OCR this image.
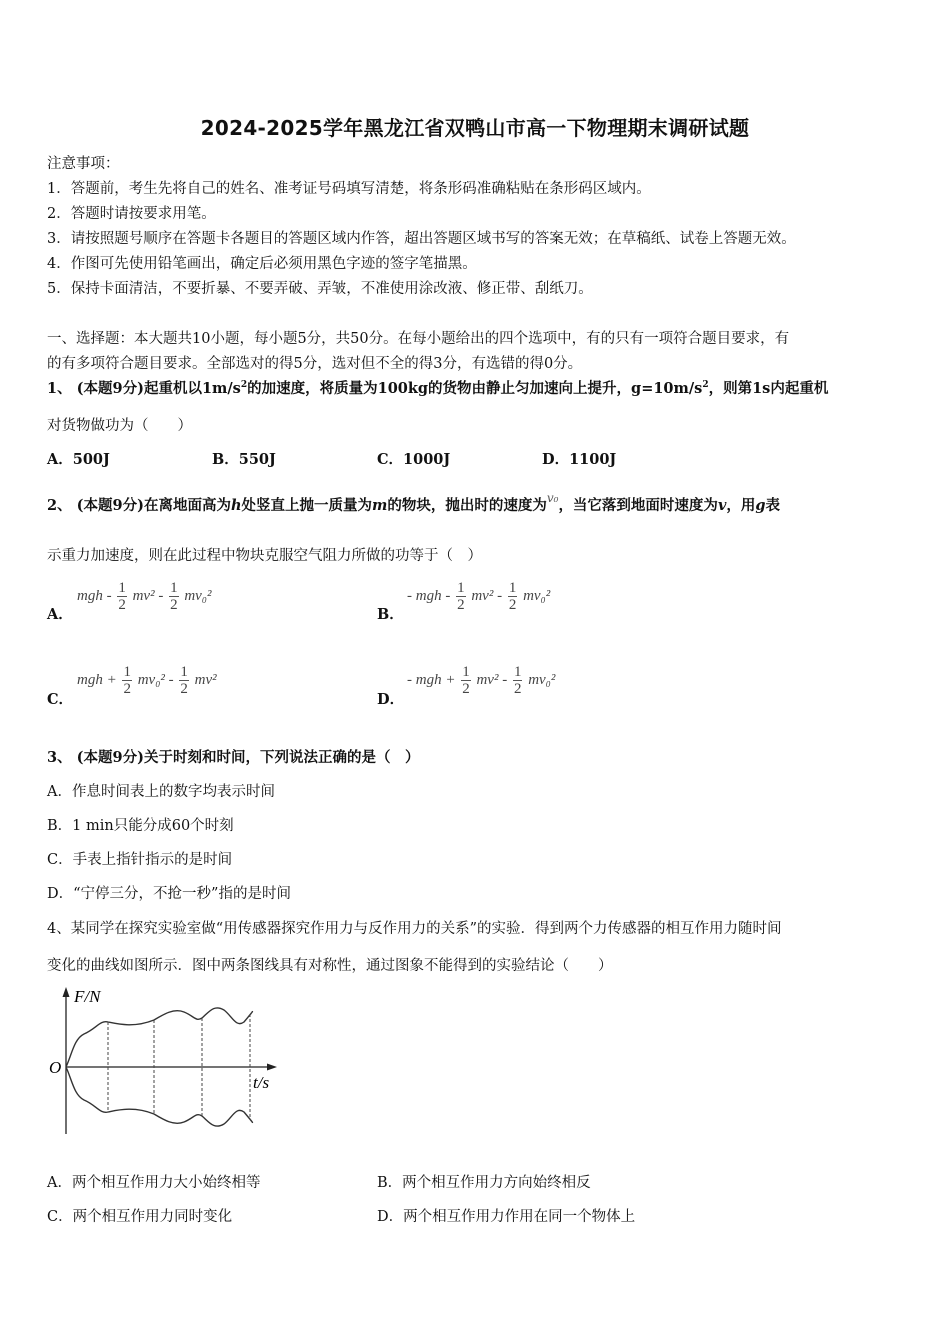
2024-2025学年黑龙江省双鸭山市高一下物理期末调研试题
注意事项：
1．答题前，考生先将自己的姓名、准考证号码填写清楚，将条形码准确粘贴在条形码区域内。
2．答题时请按要求用笔。
3．请按照题号顺序在答题卡各题目的答题区域内作答，超出答题区域书写的答案无效；在草稿纸、试卷上答题无效。
4．作图可先使用铅笔画出，确定后必须用黑色字迹的签字笔描黑。
5．保持卡面清洁，不要折暴、不要弄破、弄皱，不准使用涂改液、修正带、刮纸刀。
一、选择题：本大题共10小题，每小题5分，共50分。在每小题给出的四个选项中，有的只有一项符合题目要求，有
的有多项符合题目要求。全部选对的得5分，选对但不全的得3分，有选错的得0分。
1、 (本题9分)起重机以$1m/s^2$的加速度，将质量为100kg的货物由静止匀加速向上提升，$g=10m/s^2$，则第1s内起重机
对货物做功为（　　）
A．500J	B．550J	C．1000J	D．1100J
2、 (本题9分)在离地面高为h处竖直上抛一质量为m的物块，抛出时的速度为$^{v_0}$，当它落到地面时速度为v，用g表
示重力加速度，则在此过程中物块克服空气阻力所做的功等于（　）
A．
mgh - $\frac{1}{2} mv^2 - \frac{1}{2} mv_0^2$
B．
- mgh - $\frac{1}{2} mv^2 - \frac{1}{2} mv_0^2$
C．
mgh + $\frac{1}{2} mv_0^2 - \frac{1}{2} mv^2$
D．
- mgh + $\frac{1}{2} mv^2 - \frac{1}{2} mv_0^2$
3、 (本题9分)关于时刻和时间，下列说法正确的是（　）
A．作息时间表上的数字均表示时间
B．1 min只能分成60个时刻
C．手表上指针指示的是时间
D．“宁停三分，不抢一秒”指的是时间
4、某同学在探究实验室做“用传感器探究作用力与反作用力的关系”的实验．得到两个力传感器的相互作用力随时间
变化的曲线如图所示．图中两条图线具有对称性，通过图象不能得到的实验结论（　　）
F/N
t/s
O
A．两个相互作用力大小始终相等	B．两个相互作用力方向始终相反
C．两个相互作用力同时变化	D．两个相互作用力作用在同一个物体上
